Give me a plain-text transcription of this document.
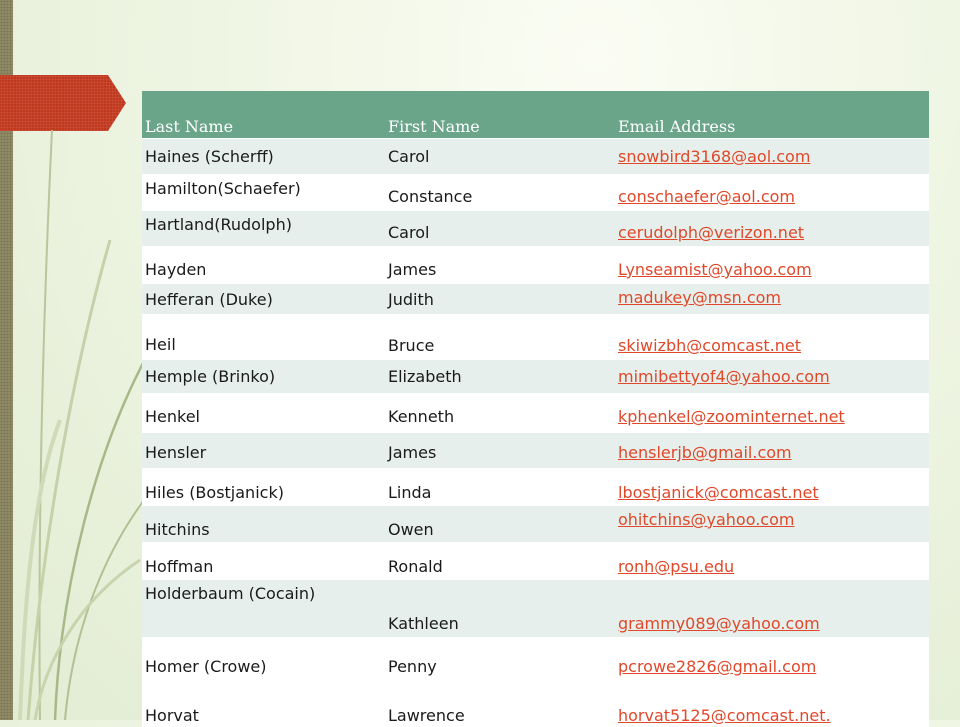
Last Name	First Name	Email Address
Haines (Scherff)	Carol	snowbird3168@aol.com
Hamilton(Schaefer)	Constance	conschaefer@aol.com
Hartland(Rudolph)	Carol	cerudolph@verizon.net
Hayden	James	Lynseamist@yahoo.com
Hefferan (Duke)	Judith	madukey@msn.com
Heil	Bruce	skiwizbh@comcast.net
Hemple (Brinko)	Elizabeth	mimibettyof4@yahoo.com
Henkel	Kenneth	kphenkel@zoominternet.net
Hensler	James	henslerjb@gmail.com
Hiles (Bostjanick)	Linda	lbostjanick@comcast.net
Hitchins	Owen	ohitchins@yahoo.com
Hoffman	Ronald	ronh@psu.edu
Holderbaum (Cocain)	Kathleen	grammy089@yahoo.com
Homer (Crowe)	Penny	pcrowe2826@gmail.com
Horvat	Lawrence	horvat5125@comcast.net.
